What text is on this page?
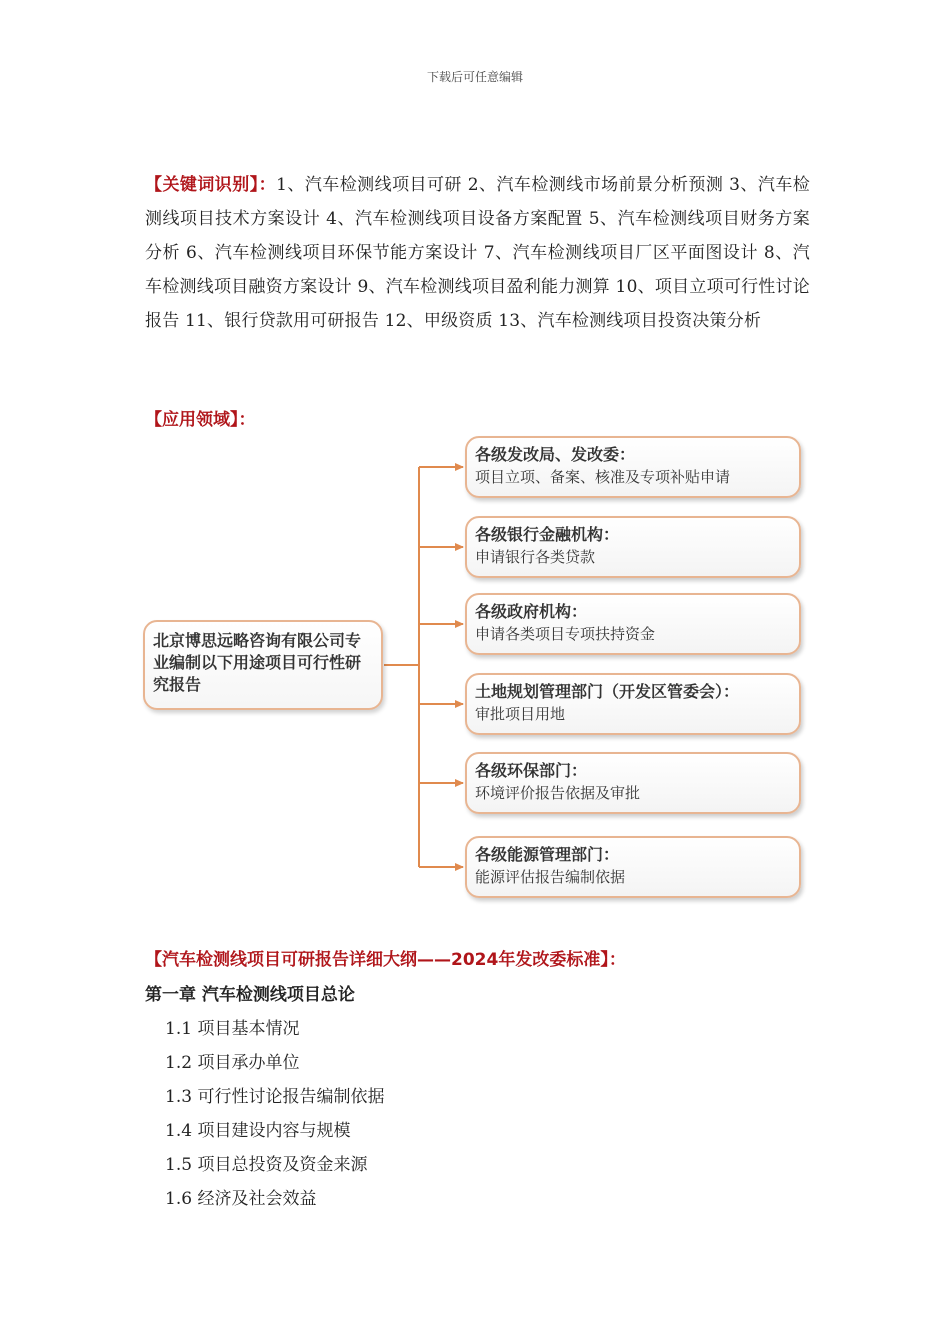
下载后可任意编辑
【关键词识别】：1、汽车检测线项目可研 2、汽车检测线市场前景分析预测 3、汽车检测线项目技术方案设计 4、汽车检测线项目设备方案配置 5、汽车检测线项目财务方案分析 6、汽车检测线项目环保节能方案设计 7、汽车检测线项目厂区平面图设计 8、汽车检测线项目融资方案设计 9、汽车检测线项目盈利能力测算 10、项目立项可行性讨论报告 11、银行贷款用可研报告 12、甲级资质 13、汽车检测线项目投资决策分析
【应用领域】：
北京博思远略咨询有限公司专业编制以下用途项目可行性研究报告
各级发改局、发改委：
项目立项、备案、核准及专项补贴申请
各级银行金融机构：
申请银行各类贷款
各级政府机构：
申请各类项目专项扶持资金
土地规划管理部门（开发区管委会）：
审批项目用地
各级环保部门：
环境评价报告依据及审批
各级能源管理部门：
能源评估报告编制依据
【汽车检测线项目可研报告详细大纲——2024年发改委标准】：
第一章 汽车检测线项目总论
1.1 项目基本情况
1.2 项目承办单位
1.3 可行性讨论报告编制依据
1.4 项目建设内容与规模
1.5 项目总投资及资金来源
1.6 经济及社会效益
